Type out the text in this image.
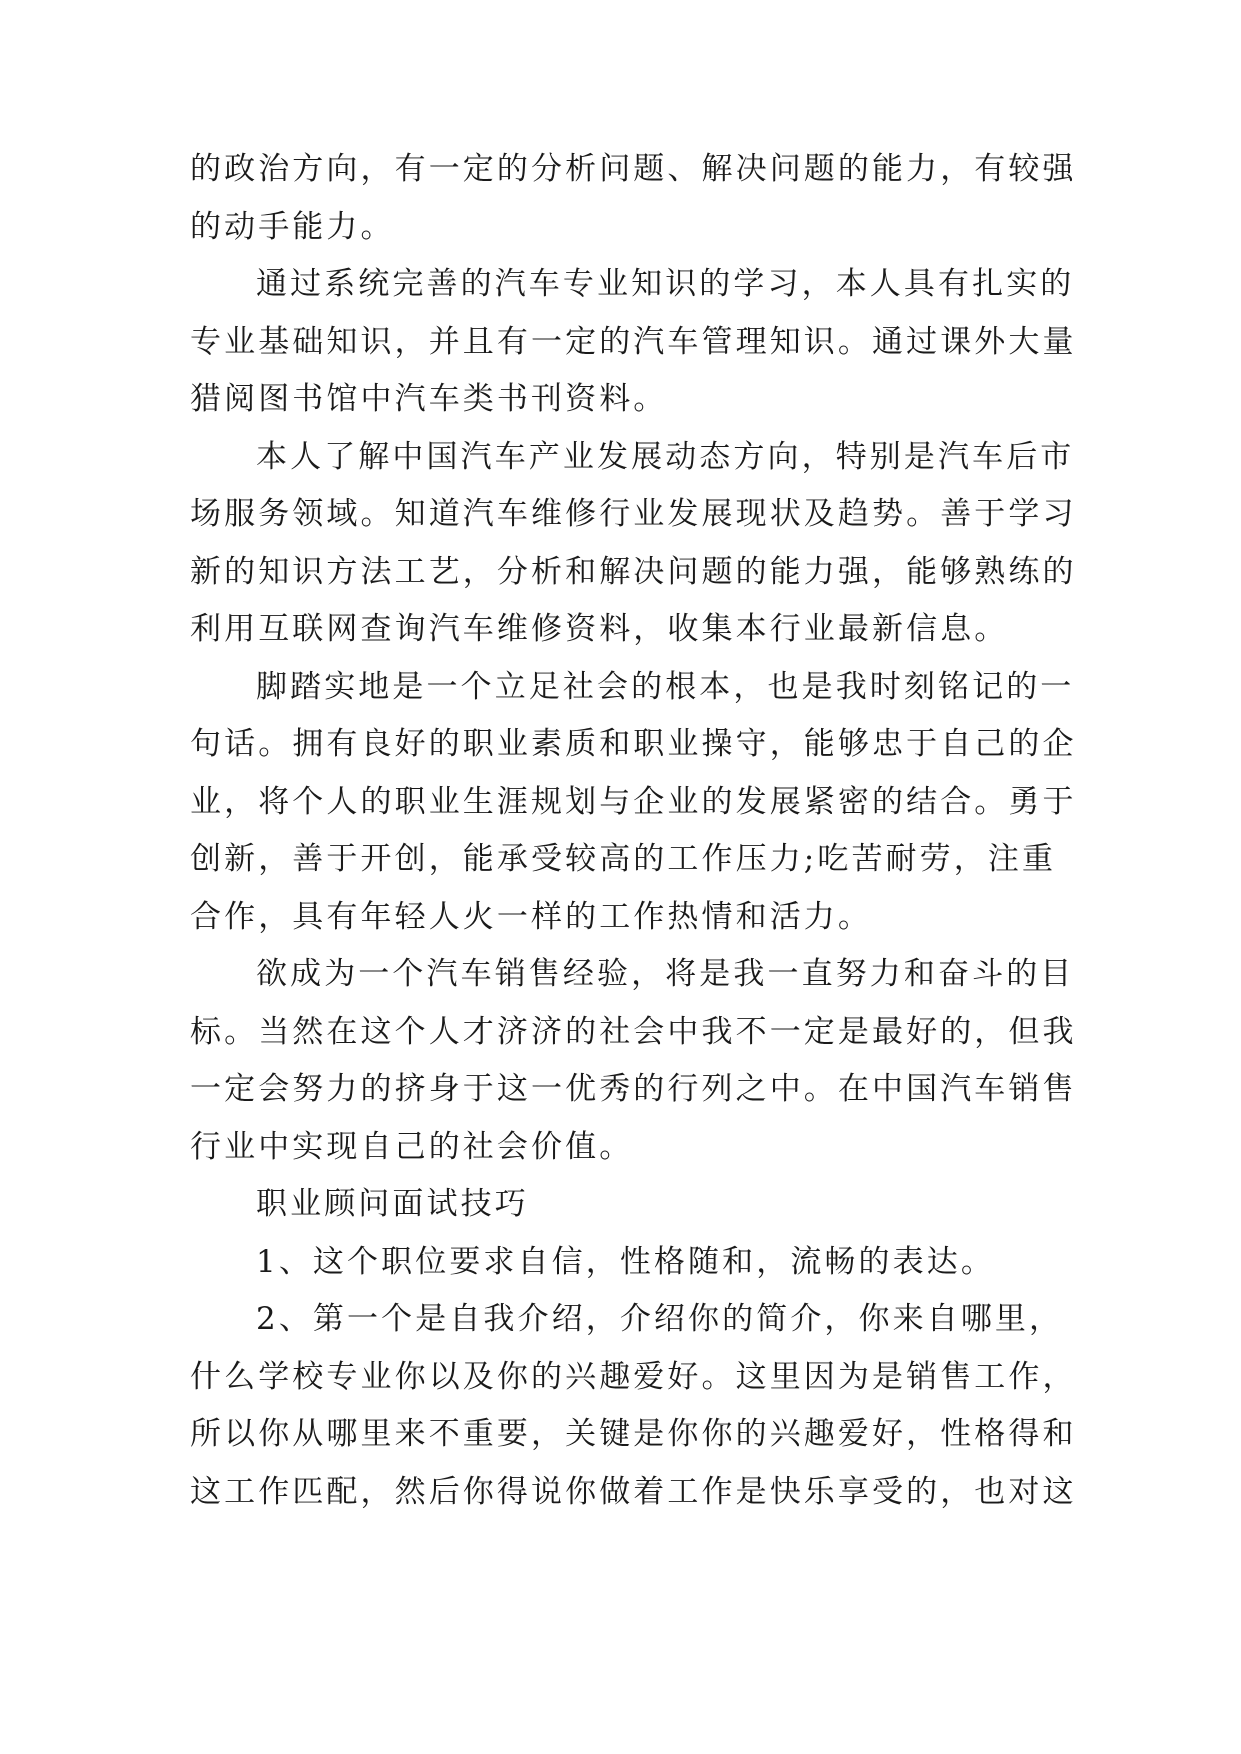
的政治方向，有一定的分析问题、解决问题的能力，有较强
的动手能力。
通过系统完善的汽车专业知识的学习，本人具有扎实的
专业基础知识，并且有一定的汽车管理知识。通过课外大量
猎阅图书馆中汽车类书刊资料。
本人了解中国汽车产业发展动态方向，特别是汽车后市
场服务领域。知道汽车维修行业发展现状及趋势。善于学习
新的知识方法工艺，分析和解决问题的能力强，能够熟练的
利用互联网查询汽车维修资料，收集本行业最新信息。
脚踏实地是一个立足社会的根本，也是我时刻铭记的一
句话。拥有良好的职业素质和职业操守，能够忠于自己的企
业，将个人的职业生涯规划与企业的发展紧密的结合。勇于
创新，善于开创，能承受较高的工作压力;吃苦耐劳，注重
合作，具有年轻人火一样的工作热情和活力。
欲成为一个汽车销售经验，将是我一直努力和奋斗的目
标。当然在这个人才济济的社会中我不一定是最好的，但我
一定会努力的挤身于这一优秀的行列之中。在中国汽车销售
行业中实现自己的社会价值。
职业顾问面试技巧
1、这个职位要求自信，性格随和，流畅的表达。
2、第一个是自我介绍，介绍你的简介，你来自哪里，
什么学校专业你以及你的兴趣爱好。这里因为是销售工作，
所以你从哪里来不重要，关键是你你的兴趣爱好，性格得和
这工作匹配，然后你得说你做着工作是快乐享受的，也对这
